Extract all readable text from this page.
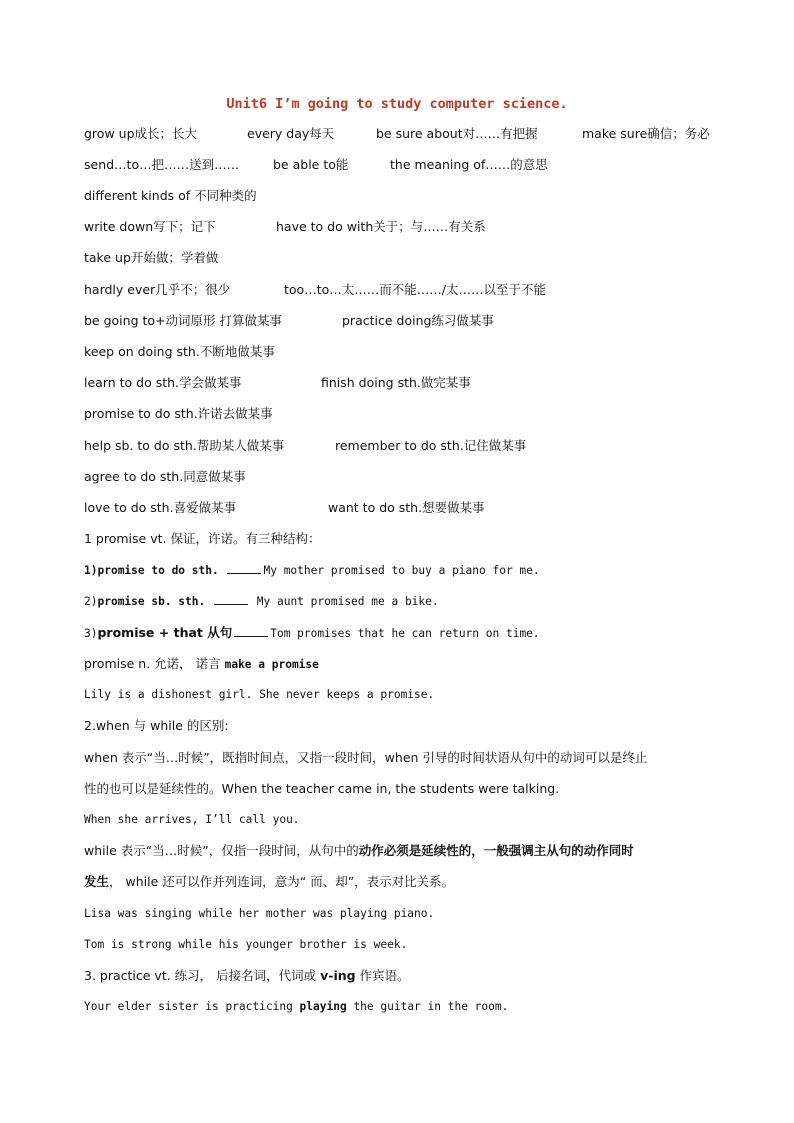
Unit6 I’m going to study computer science.
grow up成长；长大	every day每天	be sure about对……有把握	make sure确信；务必
send…to…把……送到……	be able to能	the meaning of……的意思
different kinds of 不同种类的
write down写下；记下	have to do with关于；与……有关系
take up开始做；学着做
hardly ever几乎不；很少	too…to…太……而不能……/太……以至于不能
be going to+动词原形 打算做某事	practice doing练习做某事
keep on doing sth.不断地做某事
learn to do sth.学会做某事	finish doing sth.做完某事
promise to do sth.许诺去做某事
help sb. to do sth.帮助某人做某事	remember to do sth.记住做某事
agree to do sth.同意做某事
love to do sth.喜爱做某事	want to do sth.想要做某事
1 promise vt. 保证，许诺。有三种结构：
1)promise to do sth.	My mother promised to buy a piano for me.
2)promise sb. sth.	My aunt promised me a bike.
3)promise + that 从句	Tom promises that he can return on time.
promise n. 允诺， 诺言 make a promise
Lily is a dishonest girl. She never keeps a promise.
2.when 与 while 的区别:
when 表示“当…时候”，既指时间点，又指一段时间，when 引导的时间状语从句中的动词可以是终止
性的也可以是延续性的。When the teacher came in, the students were talking.
When she arrives, I’ll call you.
while 表示“当…时候”，仅指一段时间，从句中的动作必须是延续性的，一般强调主从句的动作同时
发生， while 还可以作并列连词，意为“ 而、却”，表示对比关系。
Lisa was singing while her mother was playing piano.
Tom is strong while his younger brother is week.
3. practice vt. 练习， 后接名词，代词或 v-ing 作宾语。
Your elder sister is practicing playing the guitar in the room.
